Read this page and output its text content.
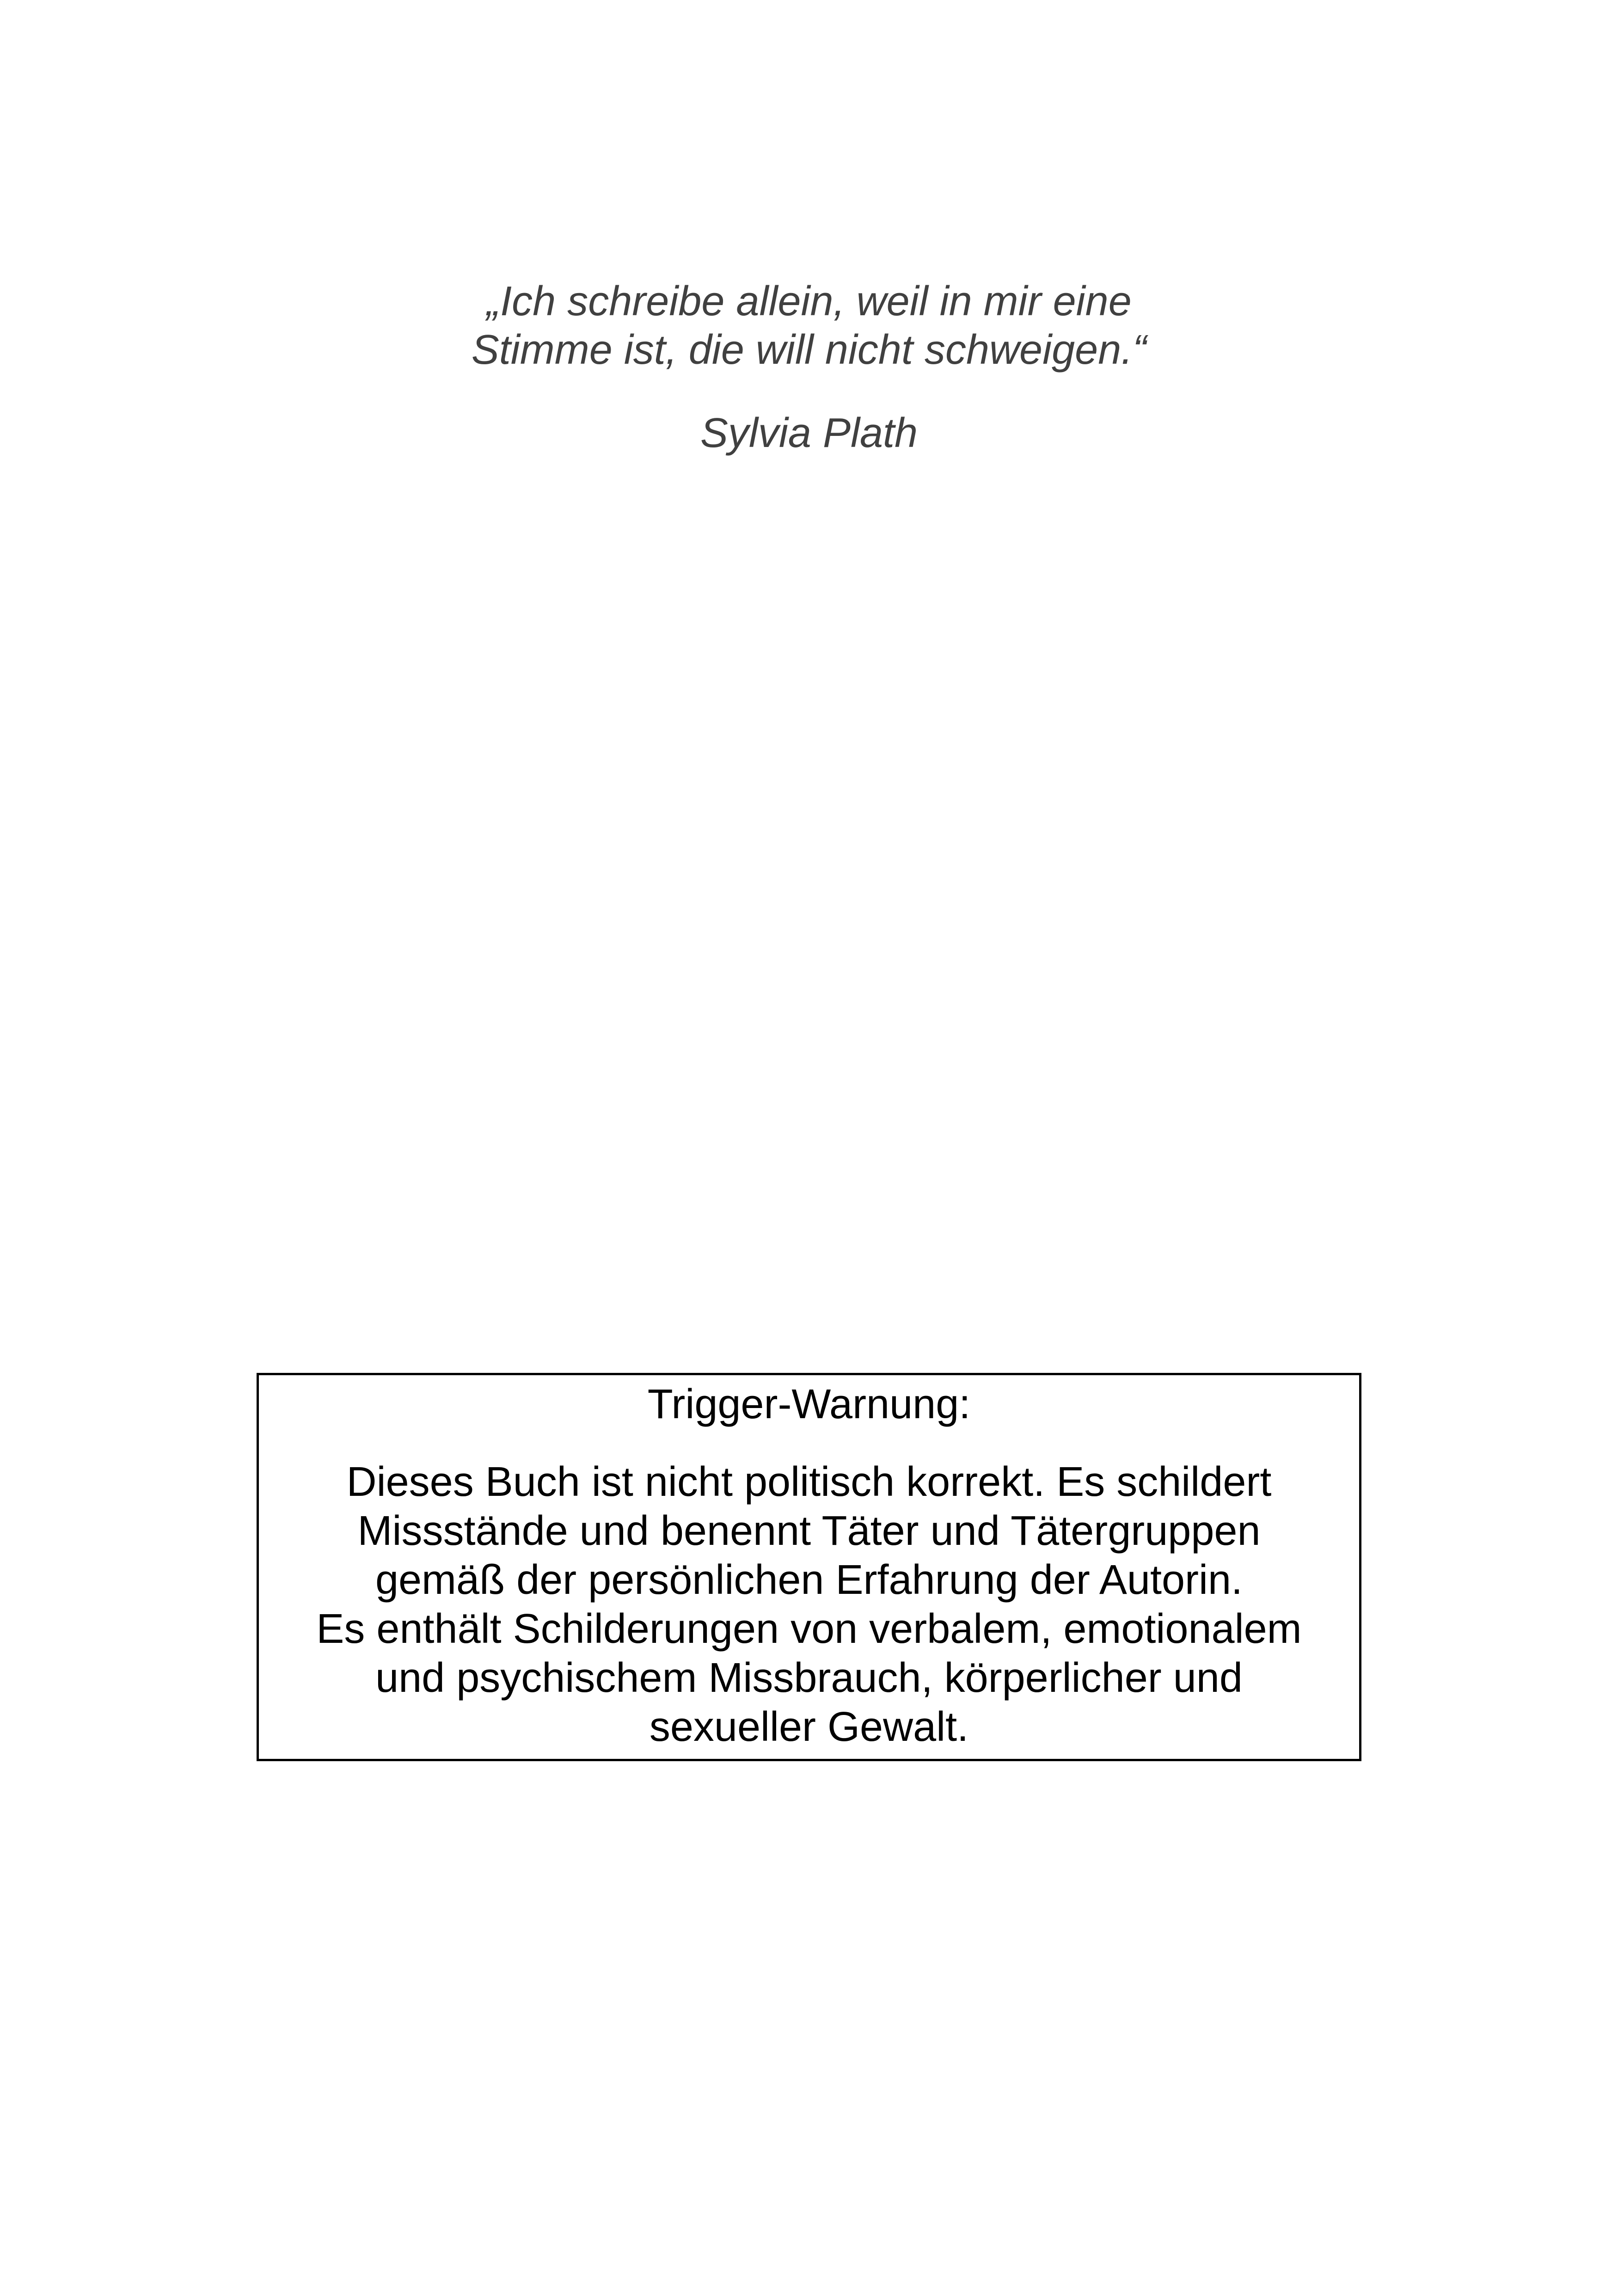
„Ich schreibe allein, weil in mir eine
Stimme ist, die will nicht schweigen.“
Sylvia Plath
Trigger-Warnung:
Dieses Buch ist nicht politisch korrekt. Es schildert
Missstände und benennt Täter und Tätergruppen
gemäß der persönlichen Erfahrung der Autorin.
Es enthält Schilderungen von verbalem, emotionalem
und psychischem Missbrauch, körperlicher und
sexueller Gewalt.
